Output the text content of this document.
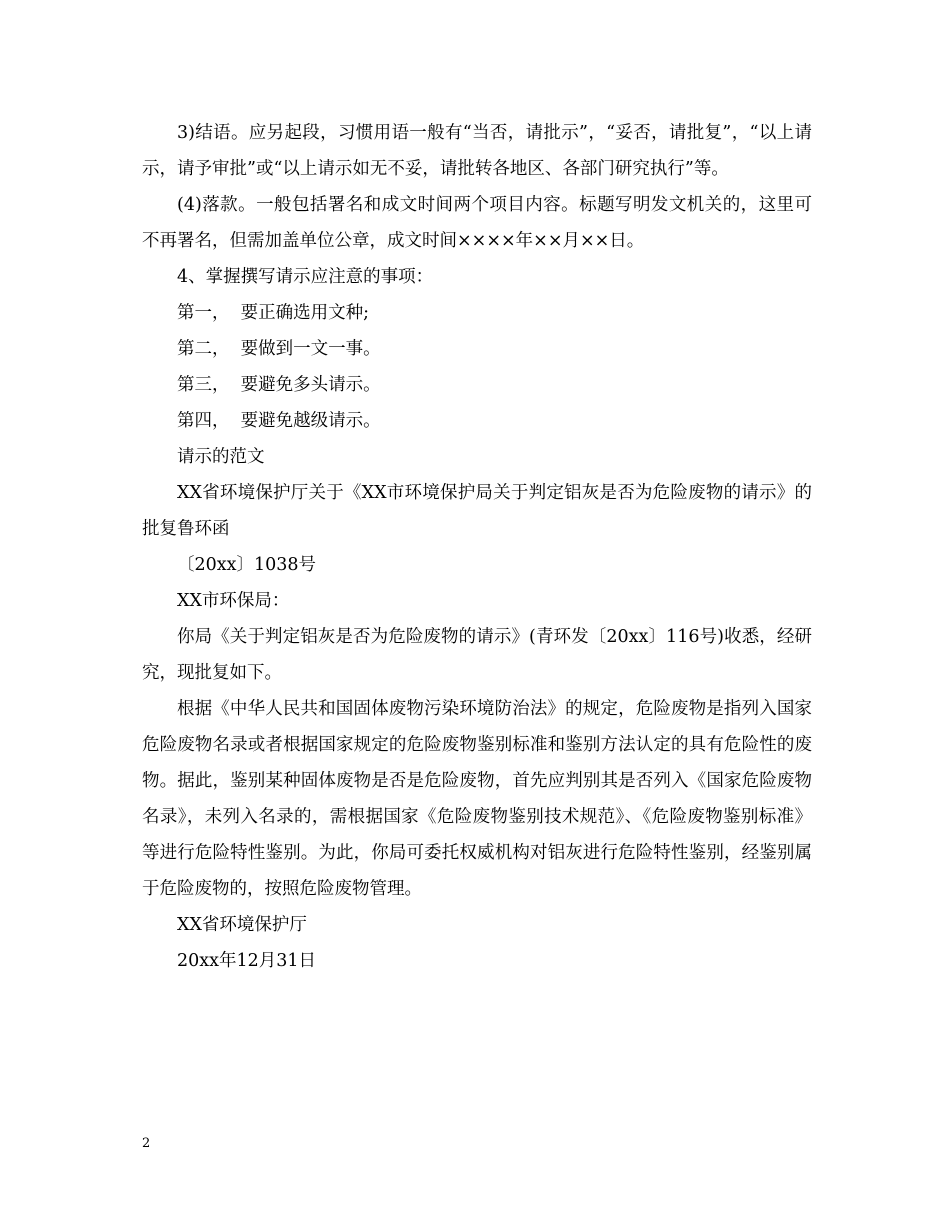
3)结语。应另起段，习惯用语一般有“当否，请批示”，“妥否，请批复”，“以上请示，请予审批”或“以上请示如无不妥，请批转各地区、各部门研究执行”等。

(4)落款。一般包括署名和成文时间两个项目内容。标题写明发文机关的，这里可不再署名，但需加盖单位公章，成文时间××××年××月××日。

4、掌握撰写请示应注意的事项：

第一，  要正确选用文种;

第二，  要做到一文一事。

第三，  要避免多头请示。

第四，  要避免越级请示。

请示的范文

XX省环境保护厅关于《XX市环境保护局关于判定铝灰是否为危险废物的请示》的批复鲁环函

〔20xx〕1038号

XX市环保局：

你局《关于判定铝灰是否为危险废物的请示》(青环发〔20xx〕116号)收悉，经研究，现批复如下。

根据《中华人民共和国固体废物污染环境防治法》的规定，危险废物是指列入国家危险废物名录或者根据国家规定的危险废物鉴别标准和鉴别方法认定的具有危险性的废物。据此，鉴别某种固体废物是否是危险废物，首先应判别其是否列入《国家危险废物名录》，未列入名录的，需根据国家《危险废物鉴别技术规范》、《危险废物鉴别标准》等进行危险特性鉴别。为此，你局可委托权威机构对铝灰进行危险特性鉴别，经鉴别属于危险废物的，按照危险废物管理。

XX省环境保护厅

20xx年12月31日

2
